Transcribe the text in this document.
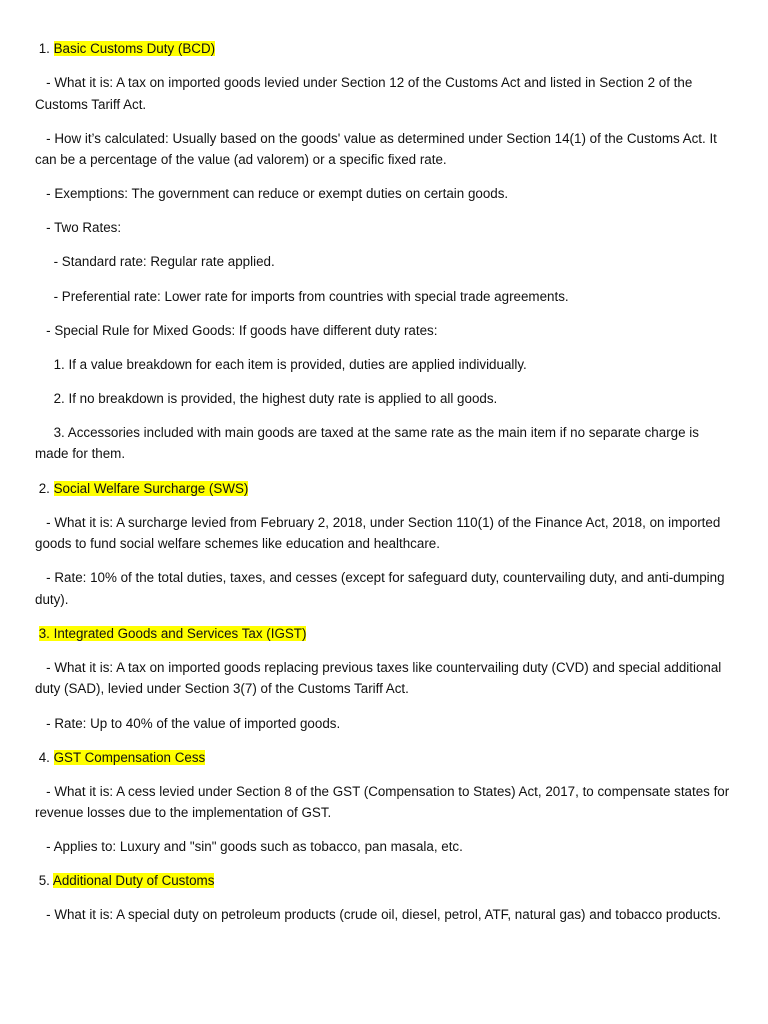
1. Basic Customs Duty (BCD)

- What it is: A tax on imported goods levied under Section 12 of the Customs Act and listed in Section 2 of the Customs Tariff Act.

- How it’s calculated: Usually based on the goods' value as determined under Section 14(1) of the Customs Act. It can be a percentage of the value (ad valorem) or a specific fixed rate.

- Exemptions: The government can reduce or exempt duties on certain goods.

- Two Rates:

- Standard rate: Regular rate applied.

- Preferential rate: Lower rate for imports from countries with special trade agreements.

- Special Rule for Mixed Goods: If goods have different duty rates:

1. If a value breakdown for each item is provided, duties are applied individually.

2. If no breakdown is provided, the highest duty rate is applied to all goods.

3. Accessories included with main goods are taxed at the same rate as the main item if no separate charge is made for them.

2. Social Welfare Surcharge (SWS)

- What it is: A surcharge levied from February 2, 2018, under Section 110(1) of the Finance Act, 2018, on imported goods to fund social welfare schemes like education and healthcare.

- Rate: 10% of the total duties, taxes, and cesses (except for safeguard duty, countervailing duty, and anti-dumping duty).

3. Integrated Goods and Services Tax (IGST)

- What it is: A tax on imported goods replacing previous taxes like countervailing duty (CVD) and special additional duty (SAD), levied under Section 3(7) of the Customs Tariff Act.

- Rate: Up to 40% of the value of imported goods.

4. GST Compensation Cess

- What it is: A cess levied under Section 8 of the GST (Compensation to States) Act, 2017, to compensate states for revenue losses due to the implementation of GST.

- Applies to: Luxury and "sin" goods such as tobacco, pan masala, etc.

5. Additional Duty of Customs

- What it is: A special duty on petroleum products (crude oil, diesel, petrol, ATF, natural gas) and tobacco products.
